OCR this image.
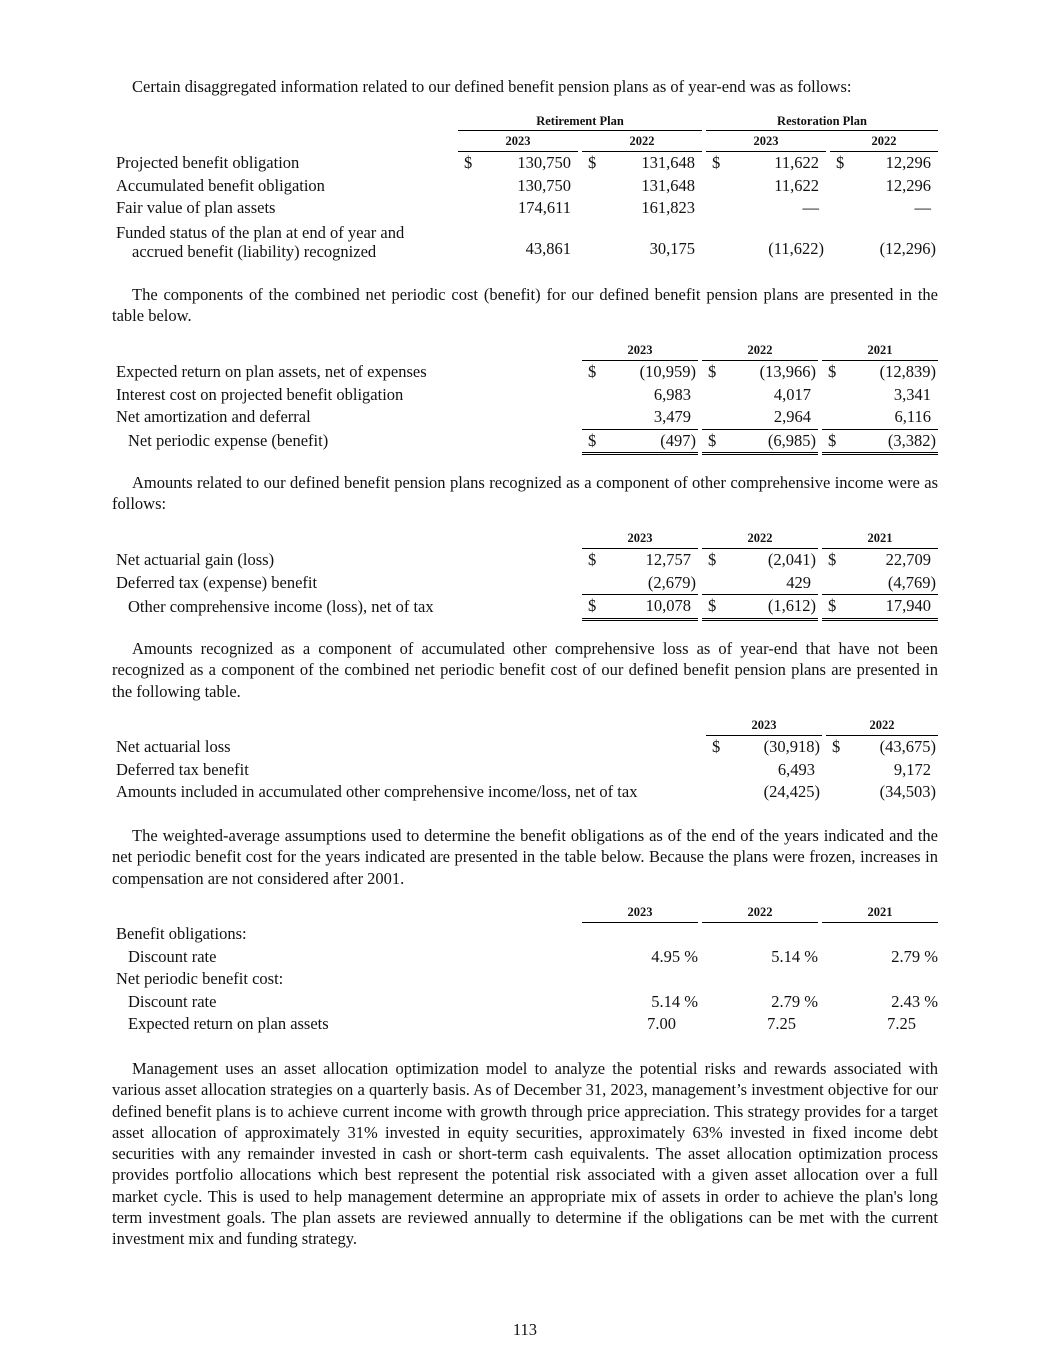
Certain disaggregated information related to our defined benefit pension plans as of year-end was as follows:

		Retirement Plan						Restoration Plan				
		2023			2022			2023			2022	
Projected benefit obligation		$	130,750		$	131,648		$	11,622		$	12,296
Accumulated benefit obligation			130,750			131,648			11,622			12,296
Fair value of plan assets			174,611			161,823			—			—

Funded status of the plan at end of year and
accrued benefit (liability) recognized			43,861			30,175			(11,622)			(12,296)

The components of the combined net periodic cost (benefit) for our defined benefit pension plans are presented in the table below.

		2023			2022			2021	
Expected return on plan assets, net of expenses		$	(10,959)		$	(13,966)		$	(12,839)
Interest cost on projected benefit obligation			6,983			4,017			3,341
Net amortization and deferral			3,479			2,964			6,116
Net periodic expense (benefit)		$	(497)		$	(6,985)		$	(3,382)

Amounts related to our defined benefit pension plans recognized as a component of other comprehensive income were as follows:

		2023			2022			2021	
Net actuarial gain (loss)		$	12,757		$	(2,041)		$	22,709
Deferred tax (expense) benefit			(2,679)			429			(4,769)
Other comprehensive income (loss), net of tax		$	10,078		$	(1,612)		$	17,940

Amounts recognized as a component of accumulated other comprehensive loss as of year-end that have not been recognized as a component of the combined net periodic benefit cost of our defined benefit pension plans are presented in the following table.

		2023			2022	
Net actuarial loss		$	(30,918)		$	(43,675)
Deferred tax benefit			6,493			9,172
Amounts included in accumulated other comprehensive income/loss, net of tax			(24,425)			(34,503)

The weighted-average assumptions used to determine the benefit obligations as of the end of the years indicated and the net periodic benefit cost for the years indicated are presented in the table below. Because the plans were frozen, increases in compensation are not considered after 2001.

		2023		2022		2021
Benefit obligations:						
Discount rate		4.95 %		5.14 %		2.79 %
Net periodic benefit cost:						
Discount rate		5.14 %		2.79 %		2.43 %
Expected return on plan assets		7.00		7.25		7.25

Management uses an asset allocation optimization model to analyze the potential risks and rewards associated with various asset allocation strategies on a quarterly basis. As of December 31, 2023, management’s investment objective for our defined benefit plans is to achieve current income with growth through price appreciation. This strategy provides for a target asset allocation of approximately 31% invested in equity securities, approximately 63% invested in fixed income debt securities with any remainder invested in cash or short-term cash equivalents. The asset allocation optimization process provides portfolio allocations which best represent the potential risk associated with a given asset allocation over a full market cycle. This is used to help management determine an appropriate mix of assets in order to achieve the plan's long term investment goals. The plan assets are reviewed annually to determine if the obligations can be met with the current investment mix and funding strategy.

113
